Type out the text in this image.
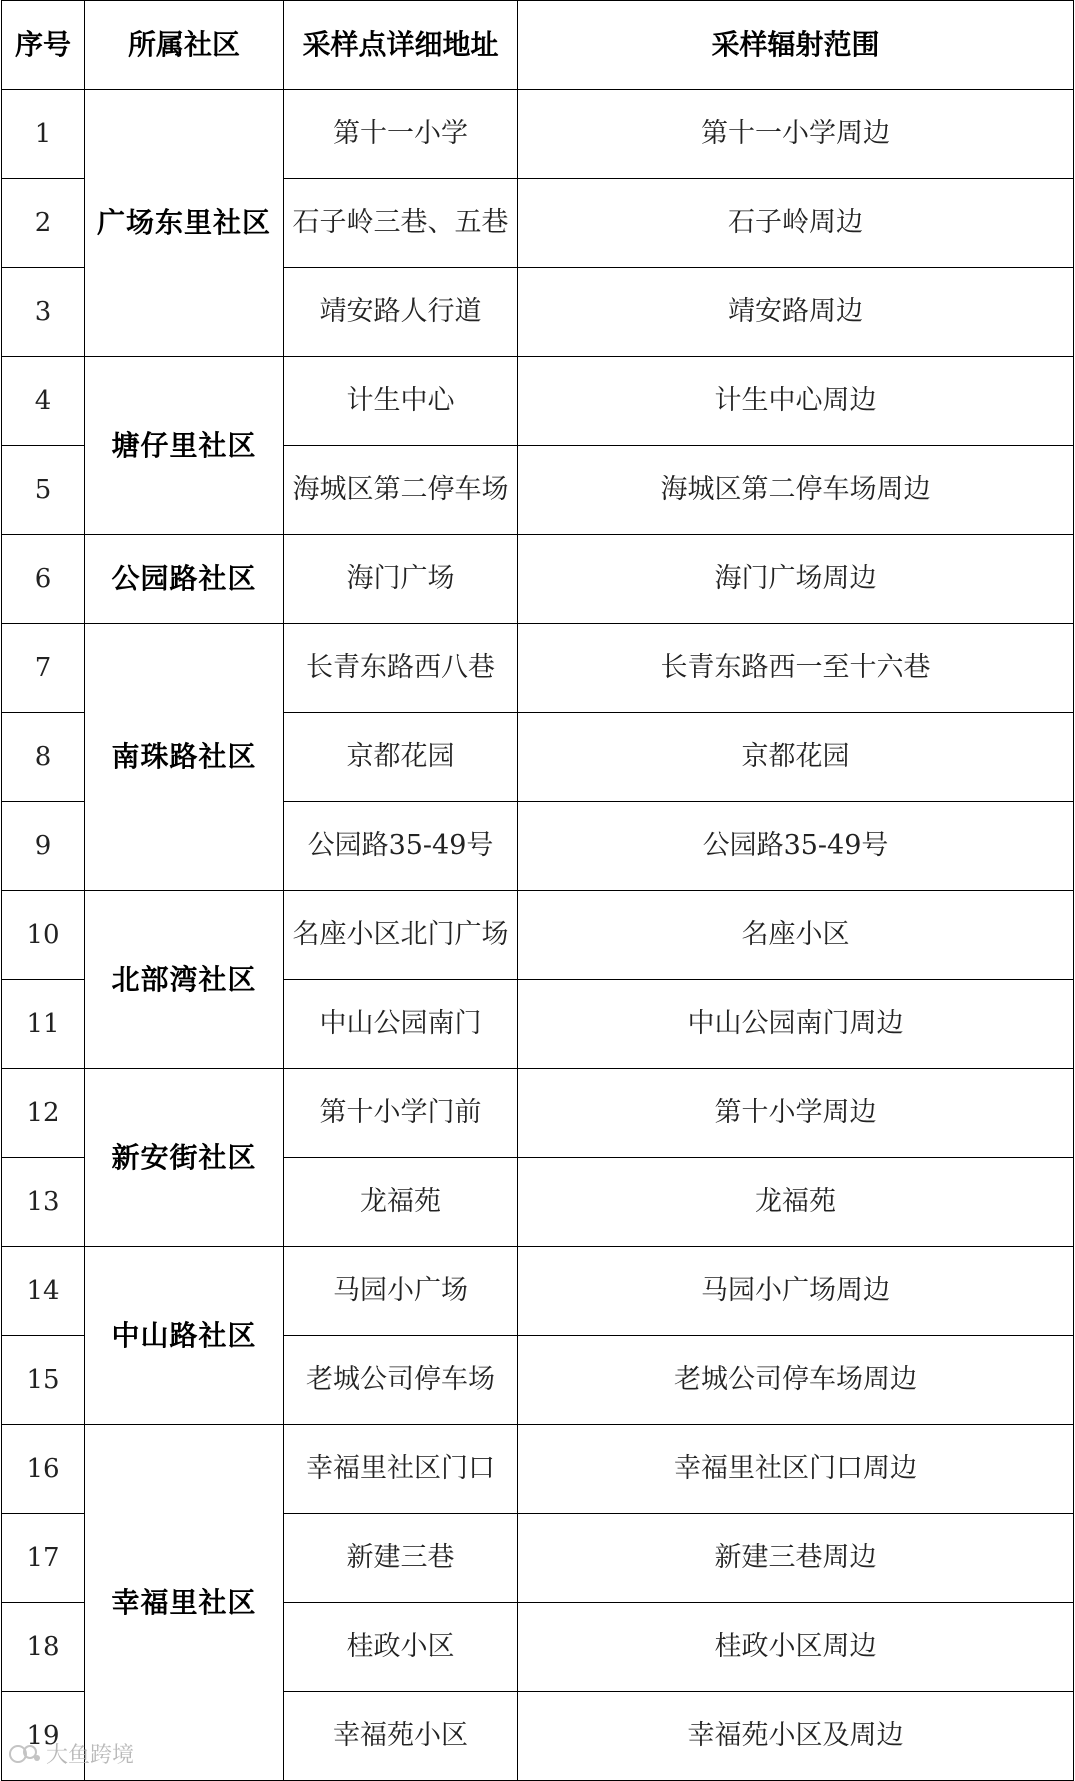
序号	所属社区	采样点详细地址	采样辐射范围
1	广场东里社区	第十一小学	第十一小学周边
2		石子岭三巷、五巷	石子岭周边
3		靖安路人行道	靖安路周边
4	塘仔里社区	计生中心	计生中心周边
5		海城区第二停车场	海城区第二停车场周边
6	公园路社区	海门广场	海门广场周边
7	南珠路社区	长青东路西八巷	长青东路西一至十六巷
8		京都花园	京都花园
9		公园路35-49号	公园路35-49号
10	北部湾社区	名座小区北门广场	名座小区
11		中山公园南门	中山公园南门周边
12	新安街社区	第十小学门前	第十小学周边
13		龙福苑	龙福苑
14	中山路社区	马园小广场	马园小广场周边
15		老城公司停车场	老城公司停车场周边
16	幸福里社区	幸福里社区门口	幸福里社区门口周边
17		新建三巷	新建三巷周边
18		桂政小区	桂政小区周边
19		幸福苑小区	幸福苑小区及周边
大鱼跨境
